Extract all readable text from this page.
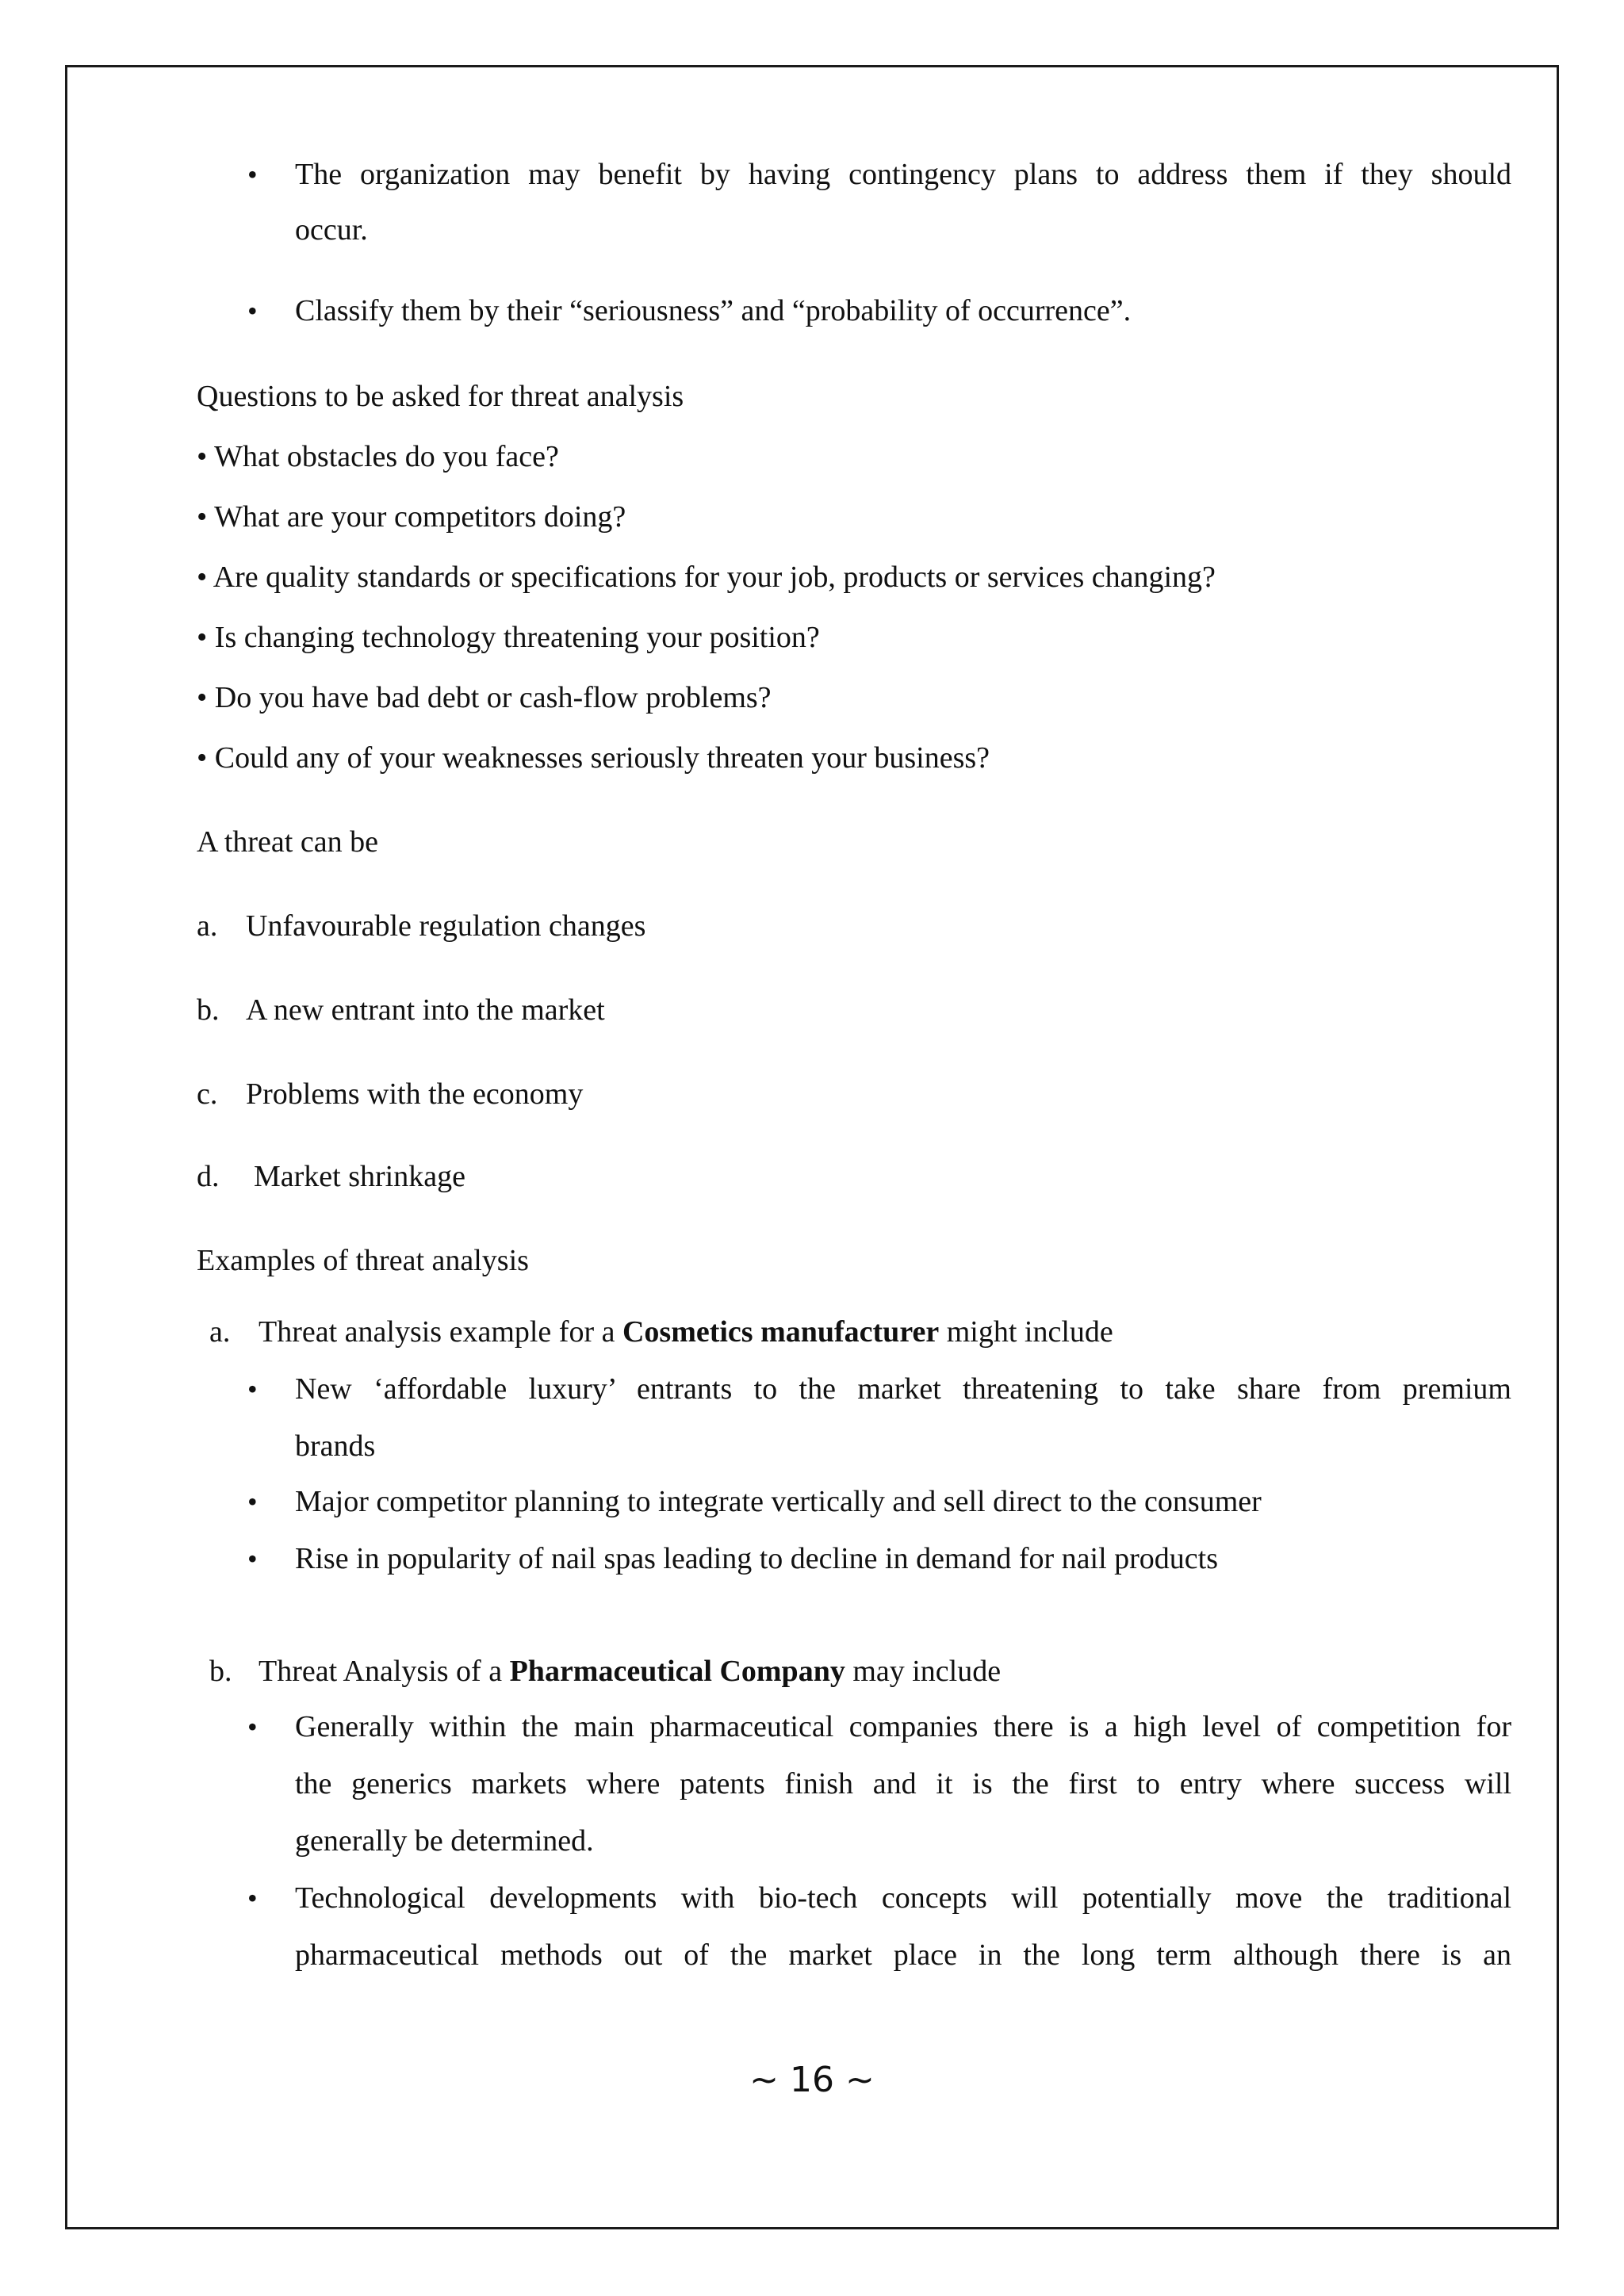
• The organization may benefit by having contingency plans to address them if they should
occur.
• Classify them by their “seriousness” and “probability of occurrence”.
Questions to be asked for threat analysis
• What obstacles do you face?
• What are your competitors doing?
• Are quality standards or specifications for your job, products or services changing?
• Is changing technology threatening your position?
• Do you have bad debt or cash-flow problems?
• Could any of your weaknesses seriously threaten your business?
A threat can be
a. Unfavourable regulation changes
b. A new entrant into the market
c. Problems with the economy
d. Market shrinkage
Examples of threat analysis
a. Threat analysis example for a Cosmetics manufacturer might include
• New ‘affordable luxury’ entrants to the market threatening to take share from premium
brands
• Major competitor planning to integrate vertically and sell direct to the consumer
• Rise in popularity of nail spas leading to decline in demand for nail products
b. Threat Analysis of a Pharmaceutical Company may include
• Generally within the main pharmaceutical companies there is a high level of competition for
the generics markets where patents finish and it is the first to entry where success will
generally be determined.
• Technological developments with bio-tech concepts will potentially move the traditional
pharmaceutical methods out of the market place in the long term although there is an
~ 16 ~
